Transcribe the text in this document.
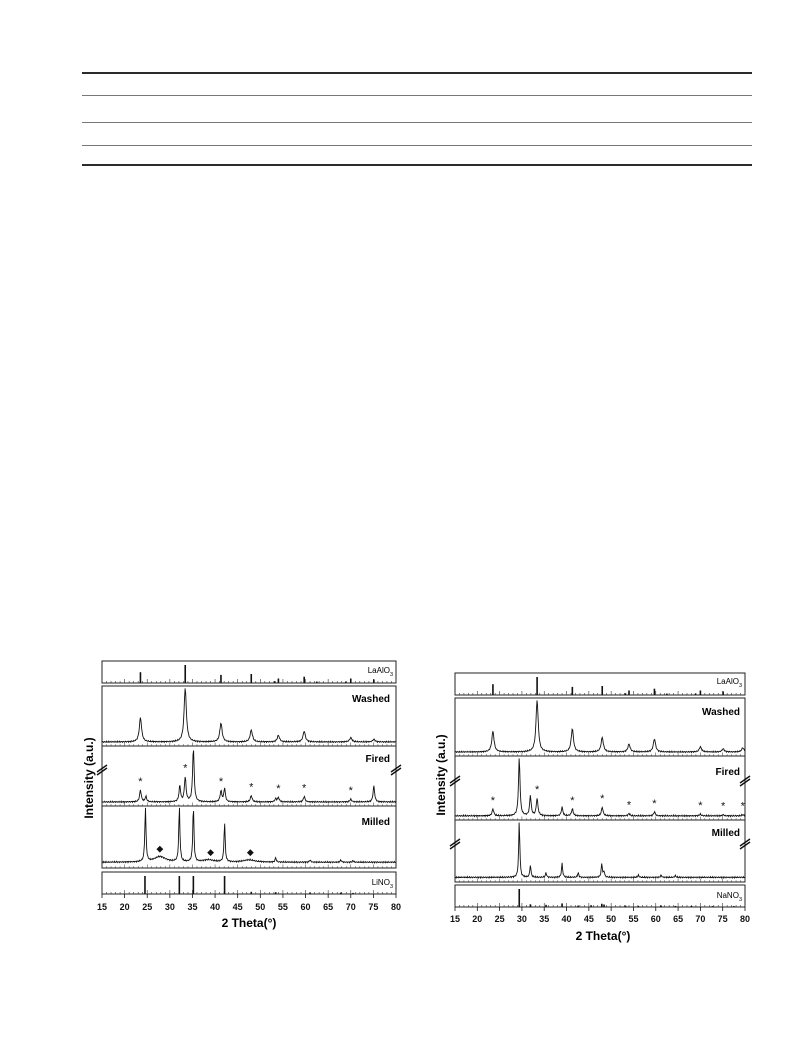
*
*
* * * *	*
◆	◆	◆
15 20 25 30 35 40 45 50 55 60 65 70 75 80
LaAlO$_3$
LiNO$_3$
Washed
Fired
Milled
Intensity (a.u.)
2 Theta(°)
*
*
* *
* *	* * *
15 20 25 30 35 40 45 50 55 60 65 70 75 80
LaAlO$_3$
NaNO$_3$
Washed
Fired
Milled
Intensity (a.u.)
2 Theta(°)
